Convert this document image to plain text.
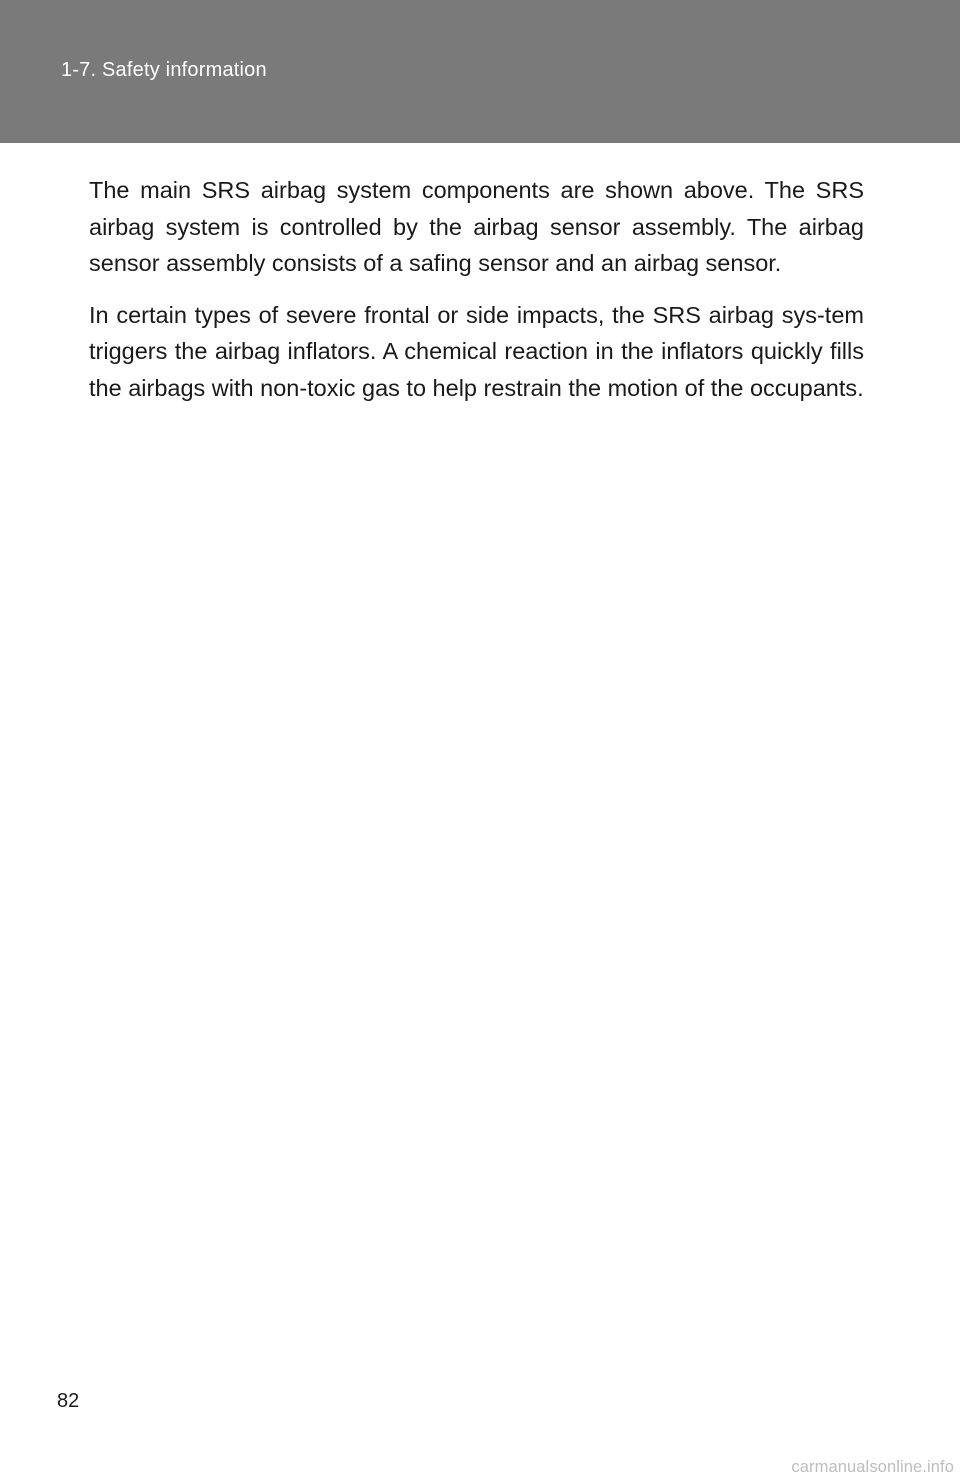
1-7. Safety information

The main SRS airbag system components are shown above. The SRS airbag system is controlled by the airbag sensor assembly. The airbag sensor assembly consists of a safing sensor and an airbag sensor.

In certain types of severe frontal or side impacts, the SRS airbag sys-tem triggers the airbag inflators. A chemical reaction in the inflators quickly fills the airbags with non-toxic gas to help restrain the motion of the occupants.

82
carmanualsonline.info
